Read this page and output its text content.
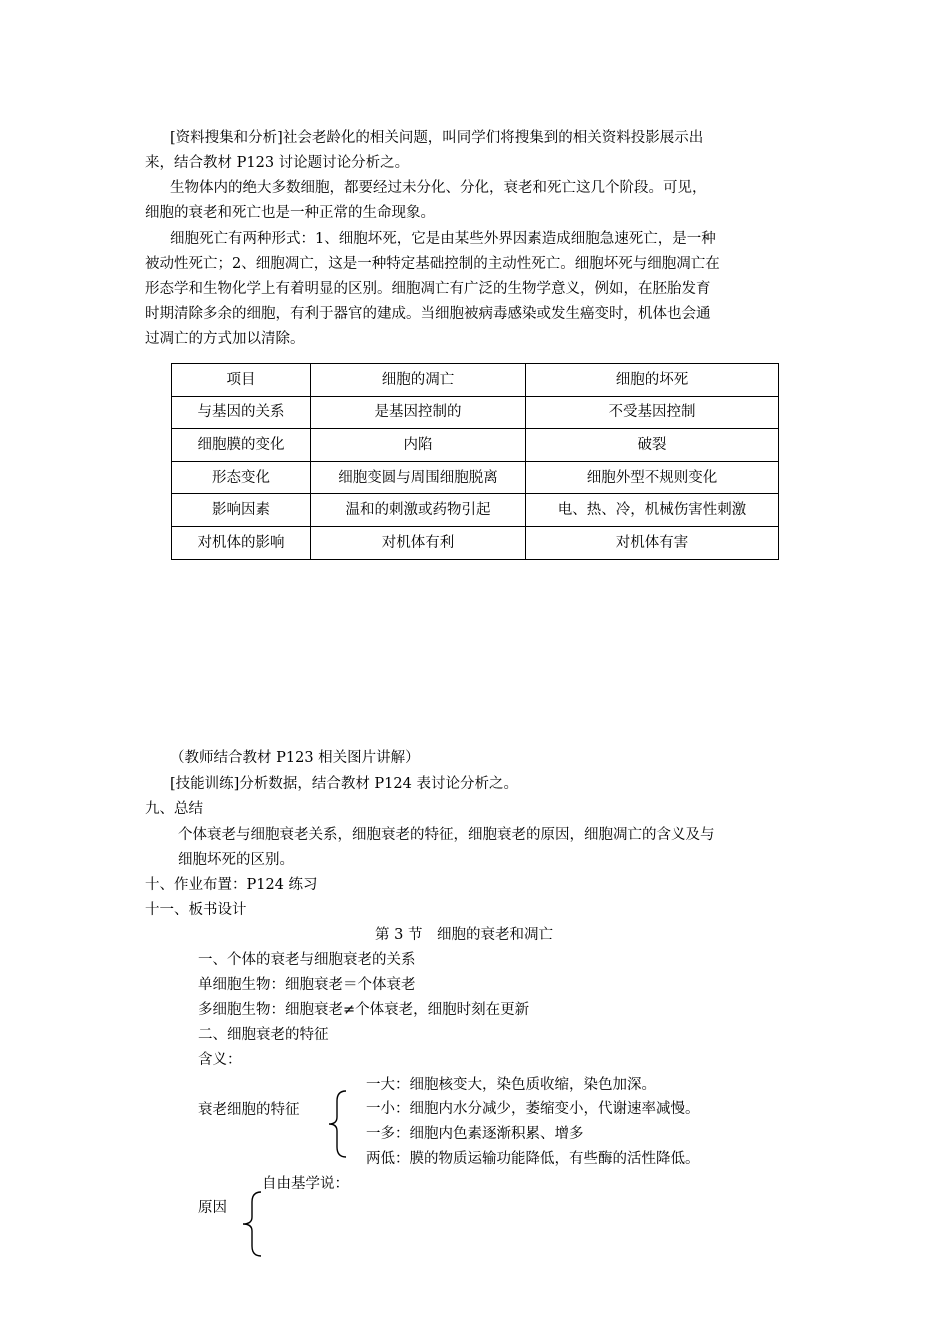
[资料搜集和分析]社会老龄化的相关问题，叫同学们将搜集到的相关资料投影展示出
来，结合教材 P123 讨论题讨论分析之。
生物体内的绝大多数细胞，都要经过未分化、分化，衰老和死亡这几个阶段。可见，
细胞的衰老和死亡也是一种正常的生命现象。
细胞死亡有两种形式：1、细胞坏死，它是由某些外界因素造成细胞急速死亡，是一种
被动性死亡；2、细胞凋亡，这是一种特定基础控制的主动性死亡。细胞坏死与细胞凋亡在
形态学和生物化学上有着明显的区别。细胞凋亡有广泛的生物学意义，例如，在胚胎发育
时期清除多余的细胞，有利于器官的建成。当细胞被病毒感染或发生癌变时，机体也会通
过凋亡的方式加以清除。
项目	细胞的凋亡	细胞的坏死
与基因的关系	是基因控制的	不受基因控制
细胞膜的变化	内陷	破裂
形态变化	细胞变圆与周围细胞脱离	细胞外型不规则变化
影响因素	温和的刺激或药物引起	电、热、冷，机械伤害性刺激
对机体的影响	对机体有利	对机体有害
（教师结合教材 P123 相关图片讲解）
[技能训练]分析数据，结合教材 P124 表讨论分析之。
九、总结
个体衰老与细胞衰老关系，细胞衰老的特征，细胞衰老的原因，细胞凋亡的含义及与
细胞坏死的区别。
十、作业布置：P124 练习
十一、板书设计
第 3 节　细胞的衰老和凋亡
一、个体的衰老与细胞衰老的关系
单细胞生物：细胞衰老＝个体衰老
多细胞生物：细胞衰老≠个体衰老，细胞时刻在更新
二、细胞衰老的特征
含义：
衰老细胞的特征
一大：细胞核变大，染色质收缩，染色加深。
一小：细胞内水分减少，萎缩变小，代谢速率减慢。
一多：细胞内色素逐渐积累、增多
两低：膜的物质运输功能降低，有些酶的活性降低。
自由基学说：
原因
